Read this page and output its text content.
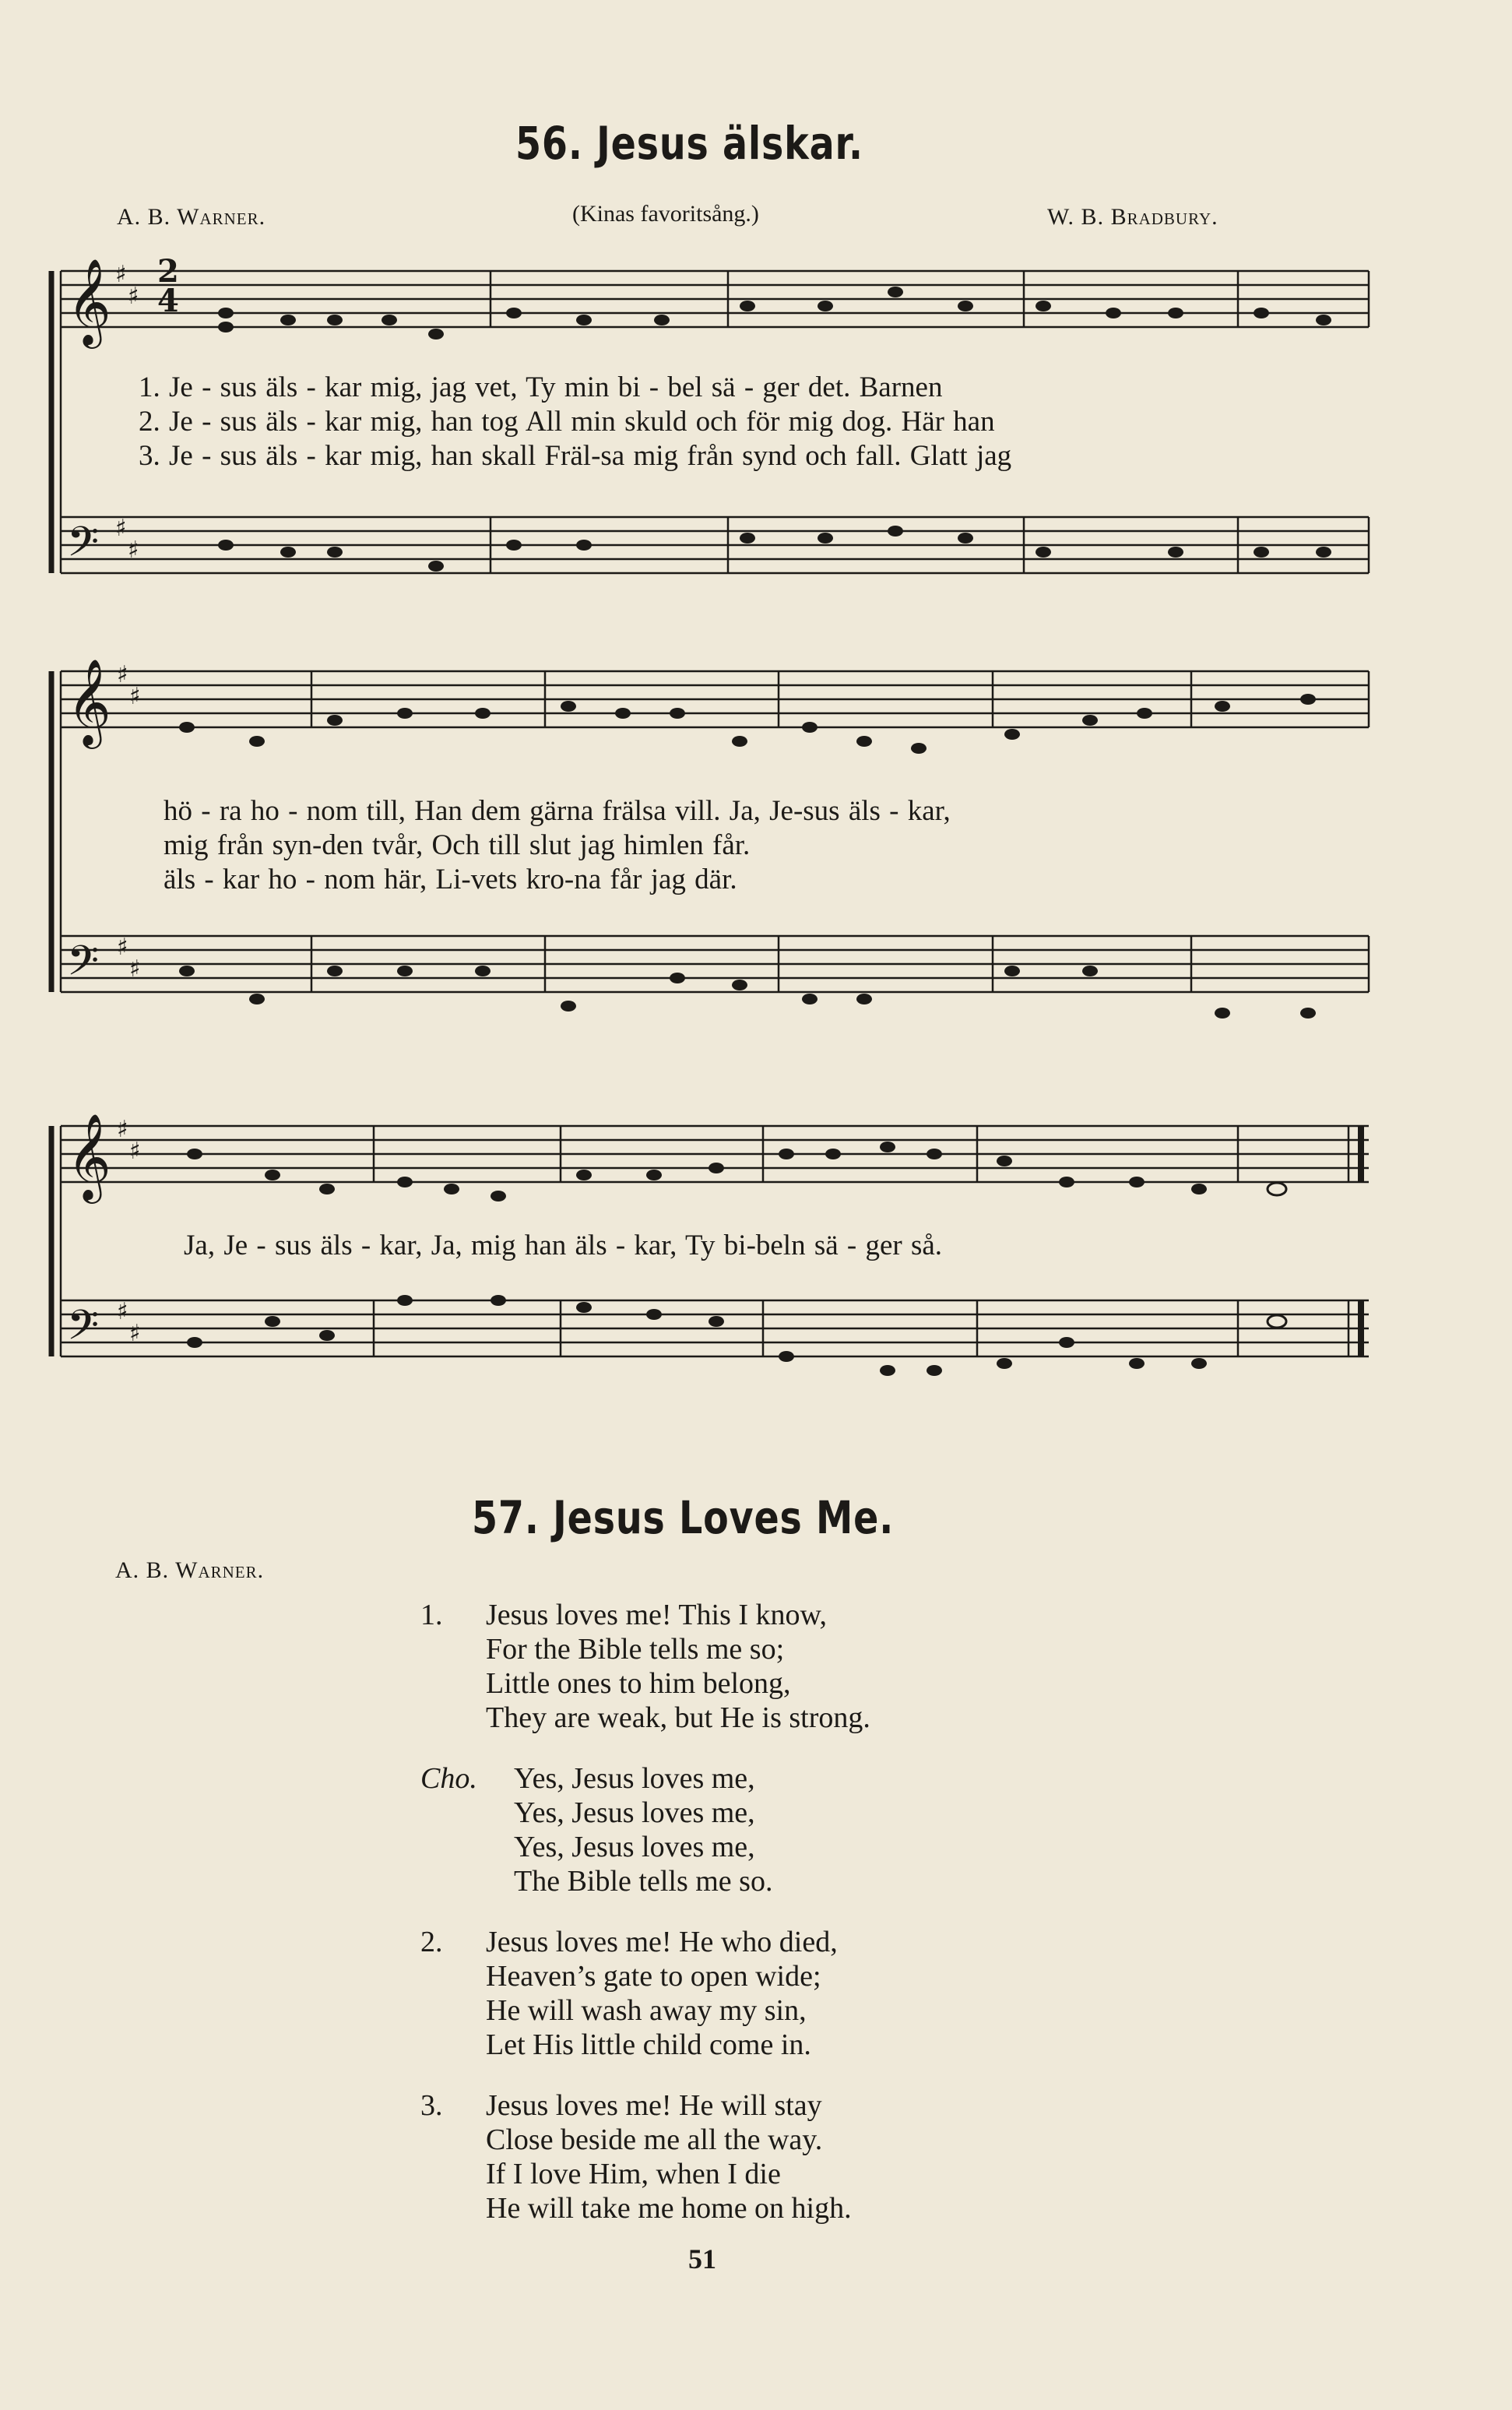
56. Jesus älskar.
A. B. Warner.	(Kinas favoritsång.)	W. B. Bradbury.
𝄞
𝄢
𝄞
𝄢
𝄞
𝄢
♯
♯
♯
♯
♯
♯
♯
♯
♯
♯
♯
♯
2
4
1. Je - sus äls - kar mig, jag vet, Ty min bi - bel sä - ger det. Barnen
2. Je - sus äls - kar mig, han tog All min skuld och för mig dog. Här han
3. Je - sus äls - kar mig, han skall Fräl-sa mig från synd och fall. Glatt jag
hö - ra ho - nom till, Han dem gärna frälsa vill. Ja, Je-sus äls - kar,
mig från syn-den tvår, Och till slut jag himlen får.
äls - kar ho - nom här, Li-vets kro-na får jag där.
Ja, Je - sus äls - kar, Ja, mig han äls - kar, Ty bi-beln sä - ger så.
57. Jesus Loves Me.
A. B. Warner.
1. Jesus loves me! This I know,
For the Bible tells me so;
Little ones to him belong,
They are weak, but He is strong.
Cho. Yes, Jesus loves me,
Yes, Jesus loves me,
Yes, Jesus loves me,
The Bible tells me so.
2. Jesus loves me! He who died,
Heaven’s gate to open wide;
He will wash away my sin,
Let His little child come in.
3. Jesus loves me! He will stay
Close beside me all the way.
If I love Him, when I die
He will take me home on high.
51
